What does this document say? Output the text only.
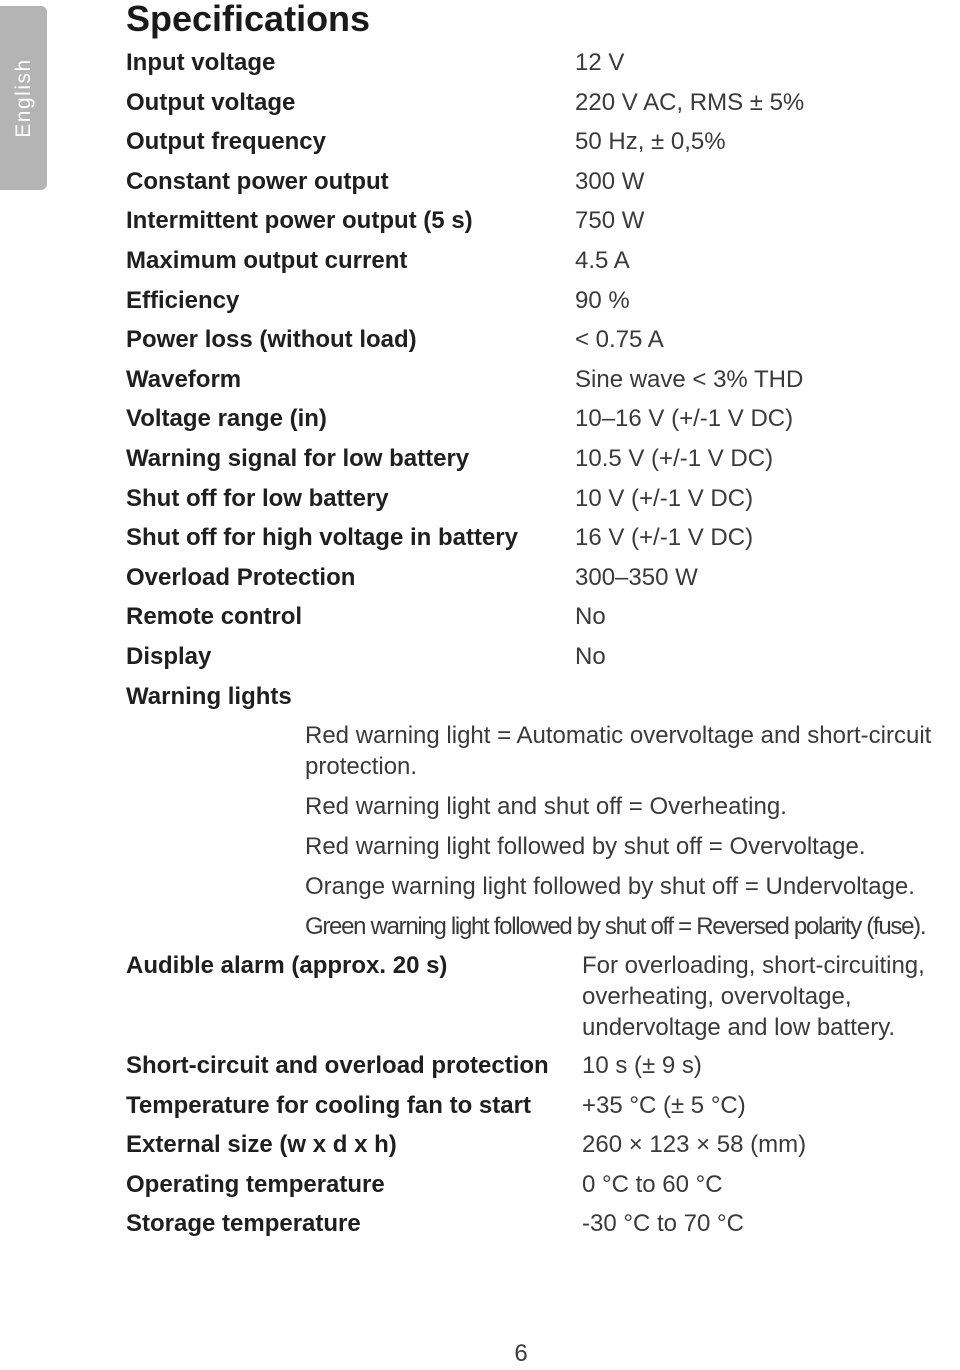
English
Specifications
Input voltage	12 V
Output voltage	220 V AC, RMS ± 5%
Output frequency	50 Hz, ± 0,5%
Constant power output	300 W
Intermittent power output (5 s)	750 W
Maximum output current	4.5 A
Efficiency	90 %
Power loss (without load)	< 0.75 A
Waveform	Sine wave < 3% THD
Voltage range (in)	10–16 V (+/-1 V DC)
Warning signal for low battery	10.5 V (+/-1 V DC)
Shut off for low battery	10 V (+/-1 V DC)
Shut off for high voltage in battery 16 V (+/-1 V DC)
Overload Protection	300–350 W
Remote control	No
Display	No
Warning lights
Red warning light = Automatic overvoltage and short-circuit protection.
Red warning light and shut off = Overheating.
Red warning light followed by shut off = Overvoltage.
Orange warning light followed by shut off = Undervoltage.
Green warning light followed by shut off = Reversed polarity (fuse).
Audible alarm (approx. 20 s)	For overloading, short-circuiting, overheating, overvoltage, undervoltage and low battery.
Short-circuit and overload protection 10 s (± 9 s)
Temperature for cooling fan to start +35 °C (± 5 °C)
External size (w x d x h)	260 × 123 × 58 (mm)
Operating temperature	0 °C to 60 °C
Storage temperature	-30 °C to 70 °C
6
